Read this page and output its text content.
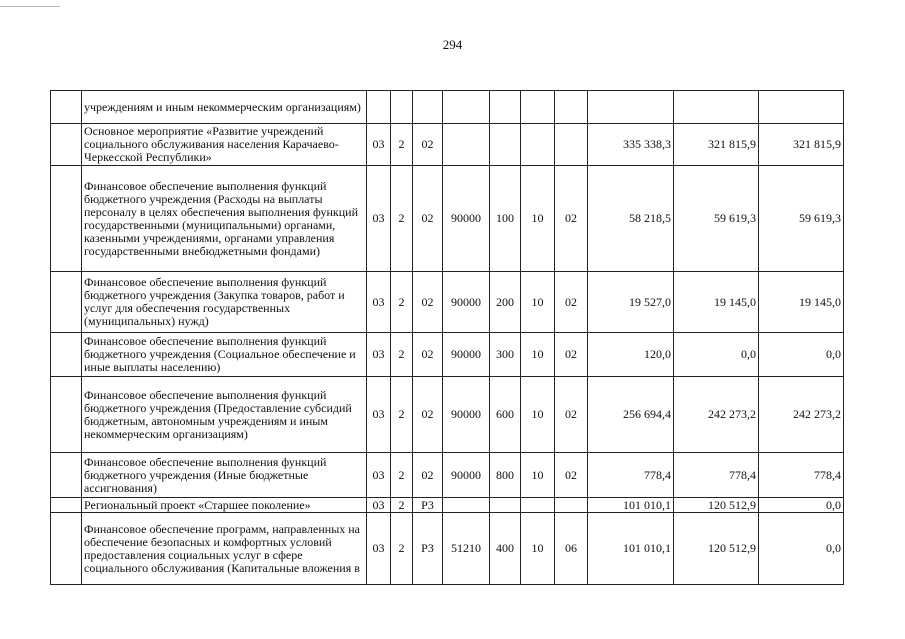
294
	учреждениям и иным некоммерческим организациям)										
	Основное мероприятие «Развитие учреждений социального обслуживания населения Карачаево-Черкесской Республики»	03	2	02					335 338,3	321 815,9	321 815,9
	Финансовое обеспечение выполнения функций бюджетного учреждения (Расходы на выплаты персоналу в целях обеспечения выполнения функций государственными (муниципальными) органами, казенными учреждениями, органами управления государственными внебюджетными фондами)	03	2	02	90000	100	10	02	58 218,5	59 619,3	59 619,3
	Финансовое обеспечение выполнения функций бюджетного учреждения (Закупка товаров, работ и услуг для обеспечения государственных (муниципальных) нужд)	03	2	02	90000	200	10	02	19 527,0	19 145,0	19 145,0
	Финансовое обеспечение выполнения функций бюджетного учреждения (Социальное обеспечение и иные выплаты населению)	03	2	02	90000	300	10	02	120,0	0,0	0,0
	Финансовое обеспечение выполнения функций бюджетного учреждения (Предоставление субсидий бюджетным, автономным учреждениям и иным некоммерческим организациям)	03	2	02	90000	600	10	02	256 694,4	242 273,2	242 273,2
	Финансовое обеспечение выполнения функций бюджетного учреждения (Иные бюджетные ассигнования)	03	2	02	90000	800	10	02	778,4	778,4	778,4
	Региональный проект «Старшее поколение»	03	2	P3					101 010,1	120 512,9	0,0
	Финансовое обеспечение программ, направленных на обеспечение безопасных и комфортных условий предоставления социальных услуг в сфере социального обслуживания (Капитальные вложения в	03	2	P3	51210	400	10	06	101 010,1	120 512,9	0,0
